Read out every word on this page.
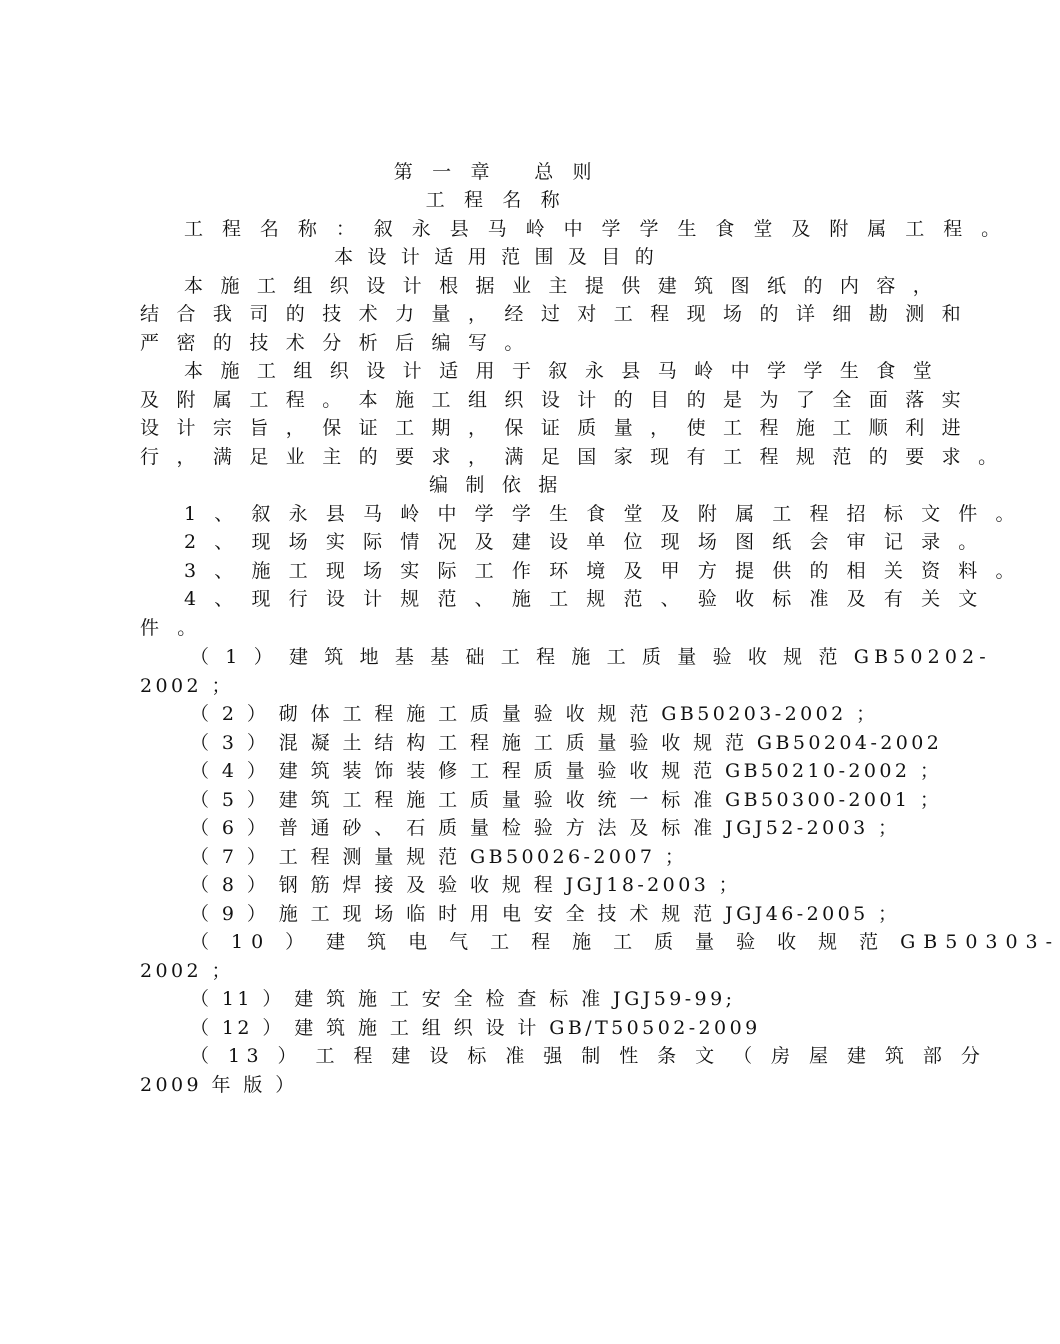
第 一 章   总 则
工 程 名 称
工 程 名 称 ： 叙 永 县 马 岭 中 学 学 生 食 堂 及 附 属 工 程 。
本 设 计 适 用 范 围 及 目 的
本 施 工 组 织 设 计 根 据 业 主 提 供 建 筑 图 纸 的 内 容 ，
结 合 我 司 的 技 术 力 量 ， 经 过 对 工 程 现 场 的 详 细 勘 测 和
严 密 的 技 术 分 析 后 编 写 。
本 施 工 组 织 设 计 适 用 于 叙 永 县 马 岭 中 学 学 生 食 堂
及 附 属 工 程 。 本 施 工 组 织 设 计 的 目 的 是 为 了 全 面 落 实
设 计 宗 旨 ， 保 证 工 期 ， 保 证 质 量 ， 使 工 程 施 工 顺 利 进
行 ， 满 足 业 主 的 要 求 ， 满 足 国 家 现 有 工 程 规 范 的 要 求 。
编 制 依 据
1 、 叙 永 县 马 岭 中 学 学 生 食 堂 及 附 属 工 程 招 标 文 件 。
2 、 现 场 实 际 情 况 及 建 设 单 位 现 场 图 纸 会 审 记 录 。
3 、 施 工 现 场 实 际 工 作 环 境 及 甲 方 提 供 的 相 关 资 料 。
4 、 现 行 设 计 规 范 、 施 工 规 范 、 验 收 标 准 及 有 关 文
件 。
（ 1 ） 建 筑 地 基 基 础 工 程 施 工 质 量 验 收 规 范 GB50202-
2002 ；
（ 2 ） 砌 体 工 程 施 工 质 量 验 收 规 范 GB50203-2002 ；
（ 3 ） 混 凝 土 结 构 工 程 施 工 质 量 验 收 规 范 GB50204-2002
（ 4 ） 建 筑 装 饰 装 修 工 程 质 量 验 收 规 范 GB50210-2002 ；
（ 5 ） 建 筑 工 程 施 工 质 量 验 收 统 一 标 准 GB50300-2001 ；
（ 6 ） 普 通 砂 、 石 质 量 检 验 方 法 及 标 准 JGJ52-2003 ；
（ 7 ） 工 程 测 量 规 范 GB50026-2007 ；
（ 8 ） 钢 筋 焊 接 及 验 收 规 程 JGJ18-2003 ；
（ 9 ） 施 工 现 场 临 时 用 电 安 全 技 术 规 范 JGJ46-2005 ；
（ 10 ） 建 筑 电 气 工 程 施 工 质 量 验 收 规 范 GB50303-
2002 ；
（ 11 ） 建 筑 施 工 安 全 检 查 标 准 JGJ59-99;
（ 12 ） 建 筑 施 工 组 织 设 计 GB/T50502-2009
（ 13 ） 工 程 建 设 标 准 强 制 性 条 文 （ 房 屋 建 筑 部 分
2009 年 版 ）
